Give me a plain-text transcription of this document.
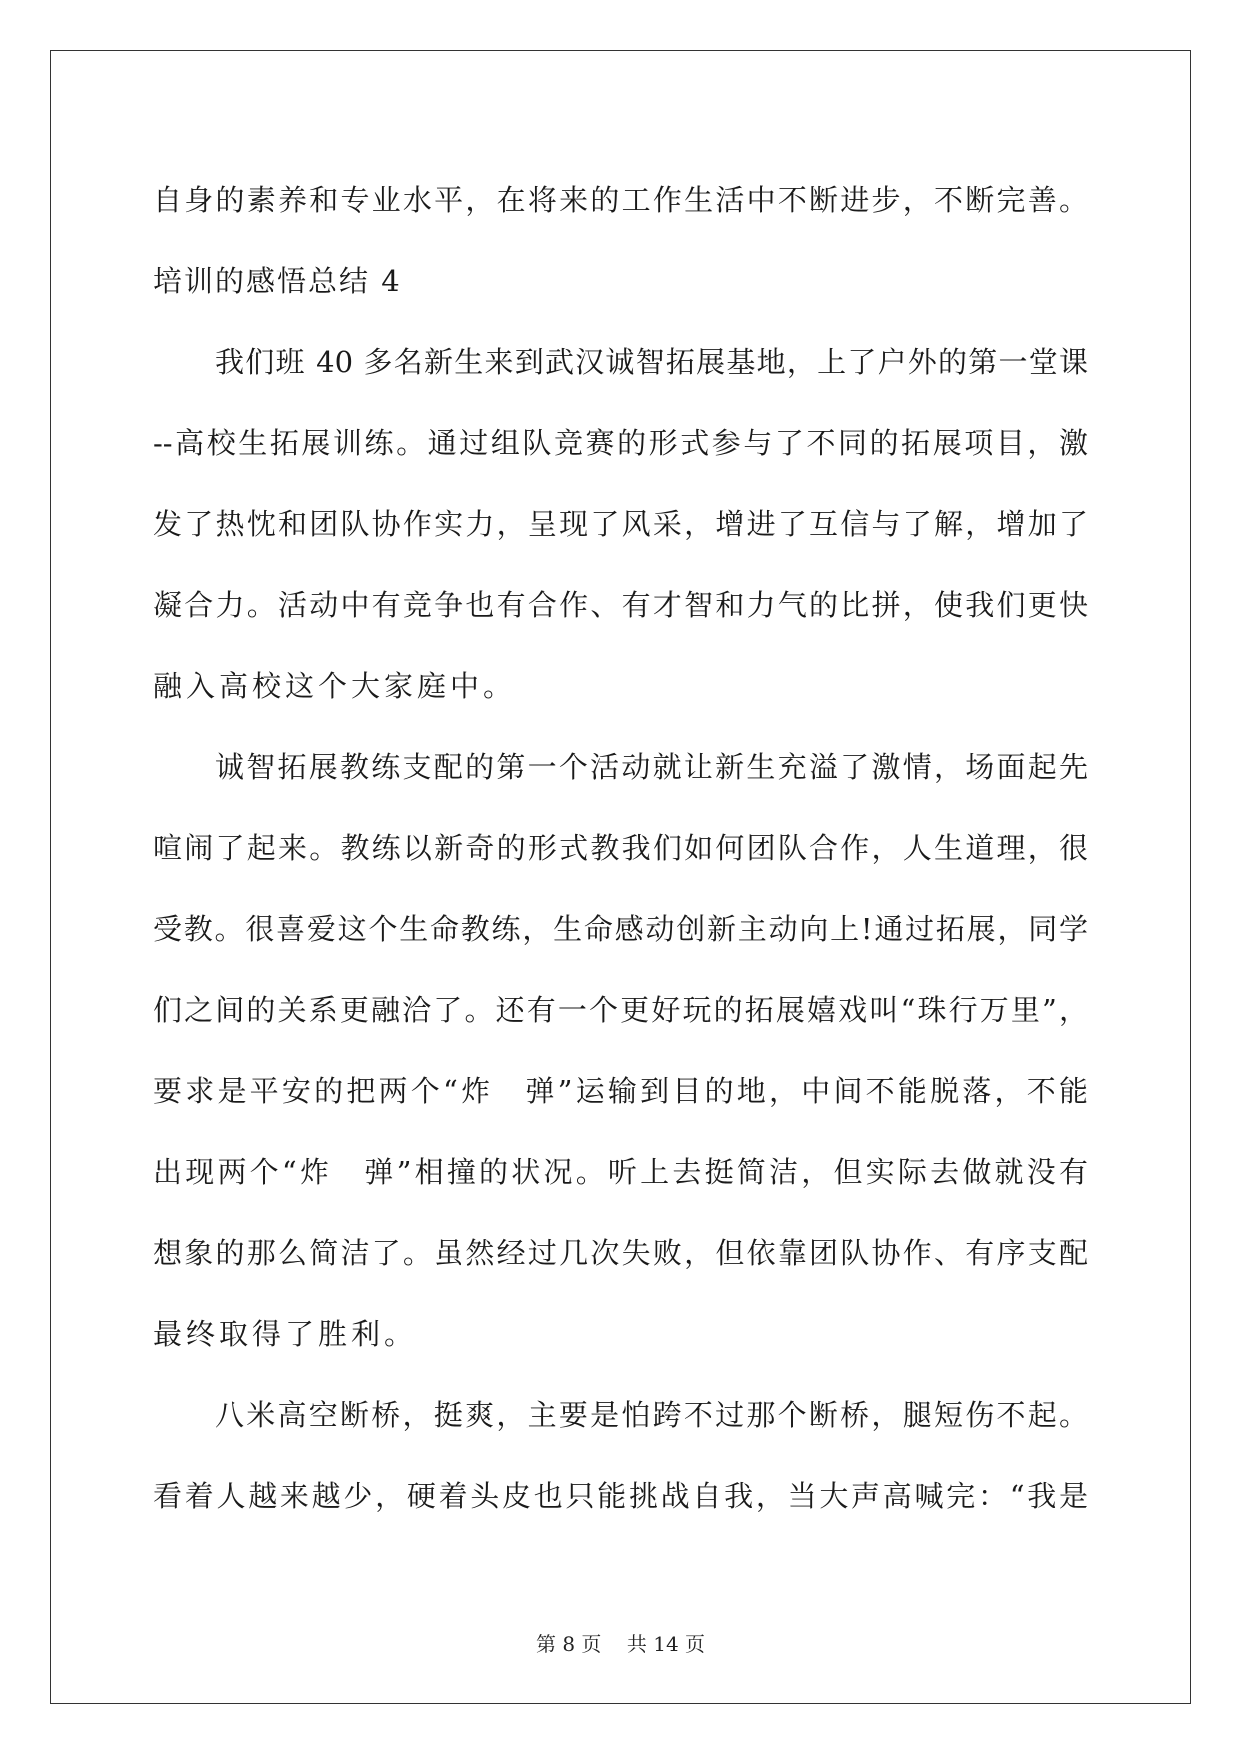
自身的素养和专业水平，在将来的工作生活中不断进步，不断完善。
培训的感悟总结 4
我们班 40 多名新生来到武汉诚智拓展基地，上了户外的第一堂课
--高校生拓展训练。通过组队竞赛的形式参与了不同的拓展项目，激
发了热忱和团队协作实力，呈现了风采，增进了互信与了解，增加了
凝合力。活动中有竞争也有合作、有才智和力气的比拼，使我们更快
融入高校这个大家庭中。
诚智拓展教练支配的第一个活动就让新生充溢了激情，场面起先
喧闹了起来。教练以新奇的形式教我们如何团队合作，人生道理，很
受教。很喜爱这个生命教练，生命感动创新主动向上!通过拓展，同学
们之间的关系更融洽了。还有一个更好玩的拓展嬉戏叫“珠行万里”，
要求是平安的把两个“炸　弹”运输到目的地，中间不能脱落，不能
出现两个“炸　弹”相撞的状况。听上去挺简洁，但实际去做就没有
想象的那么简洁了。虽然经过几次失败，但依靠团队协作、有序支配
最终取得了胜利。
八米高空断桥，挺爽，主要是怕跨不过那个断桥，腿短伤不起。
看着人越来越少，硬着头皮也只能挑战自我，当大声高喊完：“我是
第 8 页 共 14 页
